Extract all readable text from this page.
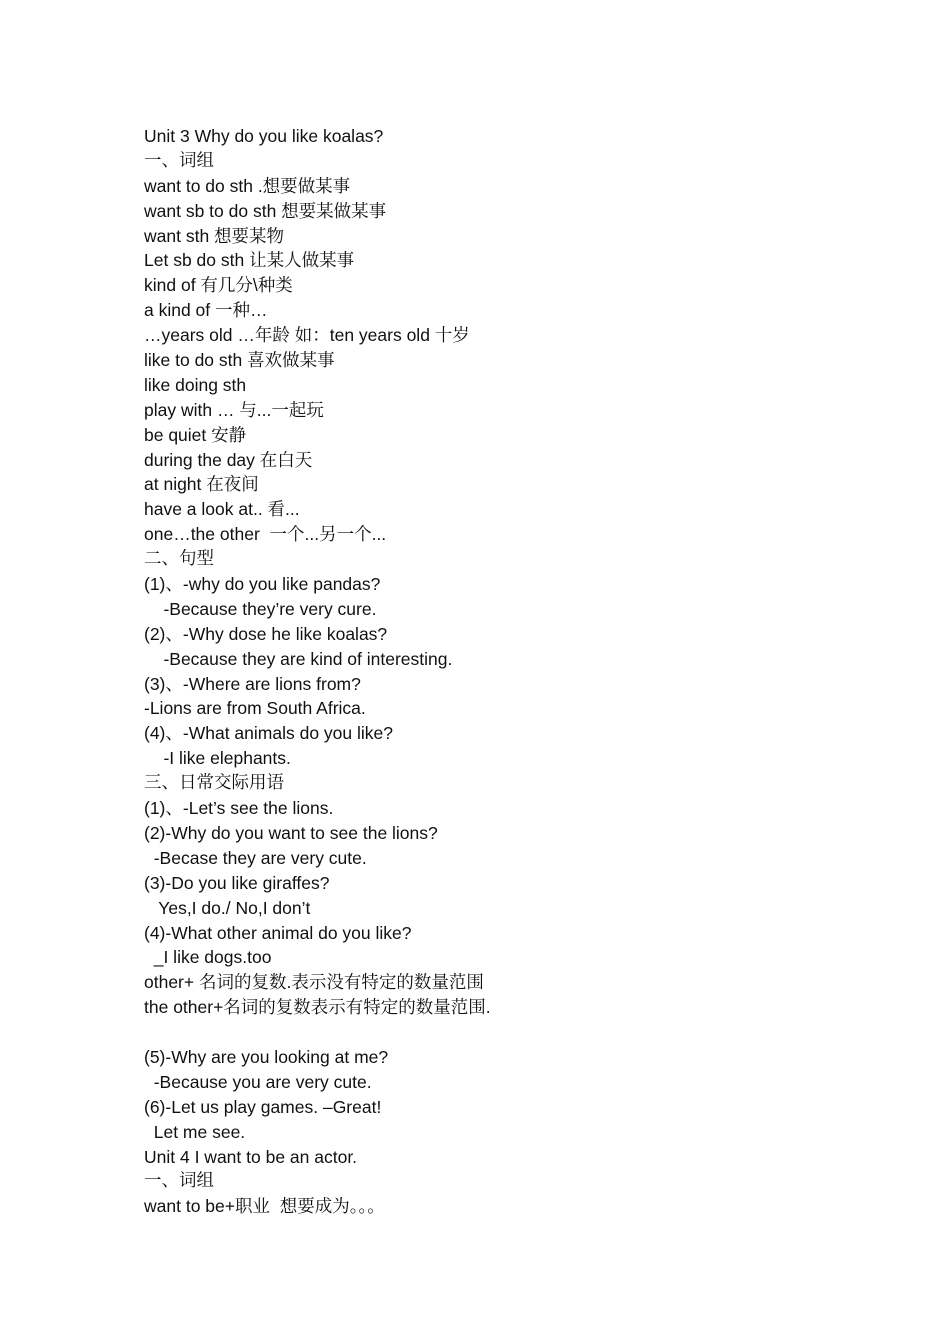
Unit 3 Why do you like koalas?
一、词组
want to do sth .想要做某事
want sb to do sth 想要某做某事
want sth 想要某物
Let sb do sth 让某人做某事
kind of 有几分\种类
a kind of 一种…
…years old …年龄 如：ten years old 十岁
like to do sth 喜欢做某事
like doing sth
play with … 与...一起玩
be quiet 安静
during the day 在白天
at night 在夜间
have a look at.. 看...
one…the other  一个...另一个...
二、句型
(1)、-why do you like pandas?
-Because they’re very cure.
(2)、-Why dose he like koalas?
-Because they are kind of interesting.
(3)、-Where are lions from?
-Lions are from South Africa.
(4)、-What animals do you like?
-I like elephants.
三、日常交际用语
(1)、-Let’s see the lions.
(2)-Why do you want to see the lions?
-Becase they are very cute.
(3)-Do you like giraffes?
Yes,I do./ No,I don’t
(4)-What other animal do you like?
_I like dogs.too
other+ 名词的复数.表示没有特定的数量范围
the other+名词的复数表示有特定的数量范围.
(5)-Why are you looking at me?
-Because you are very cute.
(6)-Let us play games. –Great!
Let me see.
Unit 4 I want to be an actor.
一、词组
want to be+职业  想要成为。。。
